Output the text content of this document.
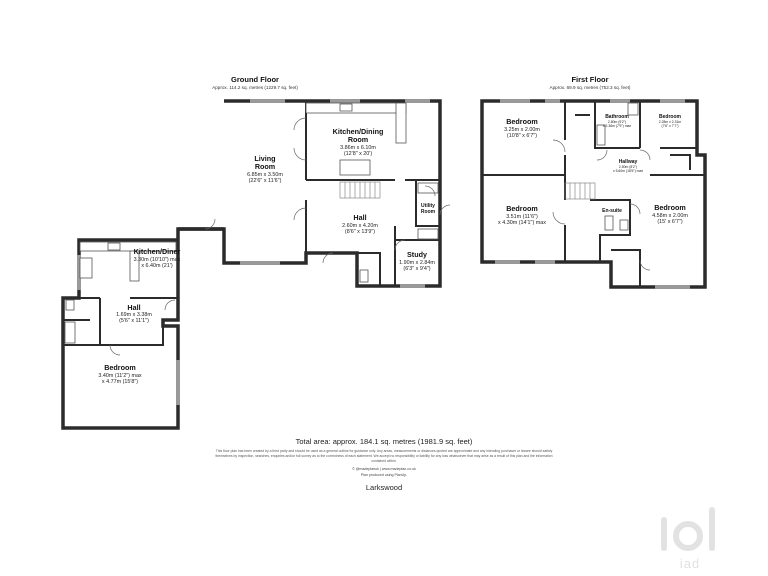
Ground Floor
Approx. 114.2 sq. metres (1229.7 sq. feet)
Kitchen/Dining
Room
3.86m x 6.10m
(12'8" x 20')
Living
Room
6.85m x 3.50m
(22'6" x 11'6")
Hall
2.60m x 4.20m
(8'6" x 13'9")
Utility
Room
Study
1.90m x 2.84m
(6'3" x 9'4")
Kitchen/Diner
3.30m (10'10") max
x 6.40m (21')
Hall
1.69m x 3.38m
(5'6" x 11'1")
Bedroom
3.40m (11'2") max
x 4.77m (15'8")
First Floor
Approx. 69.9 sq. metres (752.3 sq. feet)
Bedroom
3.25m x 2.00m
(10'8" x 6'7")
Bathroom
2.80m (9'2")
x 2.36m (7'9") max
Bedroom
2.28m x 2.31m
(7'6" x 7'7")
Hallway
2.50m (8'2")
x 5.60m (18'5") max
Bedroom
3.51m (11'6")
x 4.30m (14'1") max
En-suite	Bedroom
4.58m x 2.00m
(15' x 6'7")
Total area: approx. 184.1 sq. metres (1981.9 sq. feet)
This floor plan has been created by a third party and should be used as a general outline for guidance only. Any areas, measurements or distances quoted are approximate and any intending purchaser or lessee should satisfy
themselves by inspection, searches, enquiries and/or full survey as to the correctness of each statement. We accept no responsibility or liability for any loss whatsoever that may arise as a result of this plan and the information
contained within.
© @madeplanuk | www.madeplan.co.uk
Plan produced using PlanUp.
Larkswood
iad
